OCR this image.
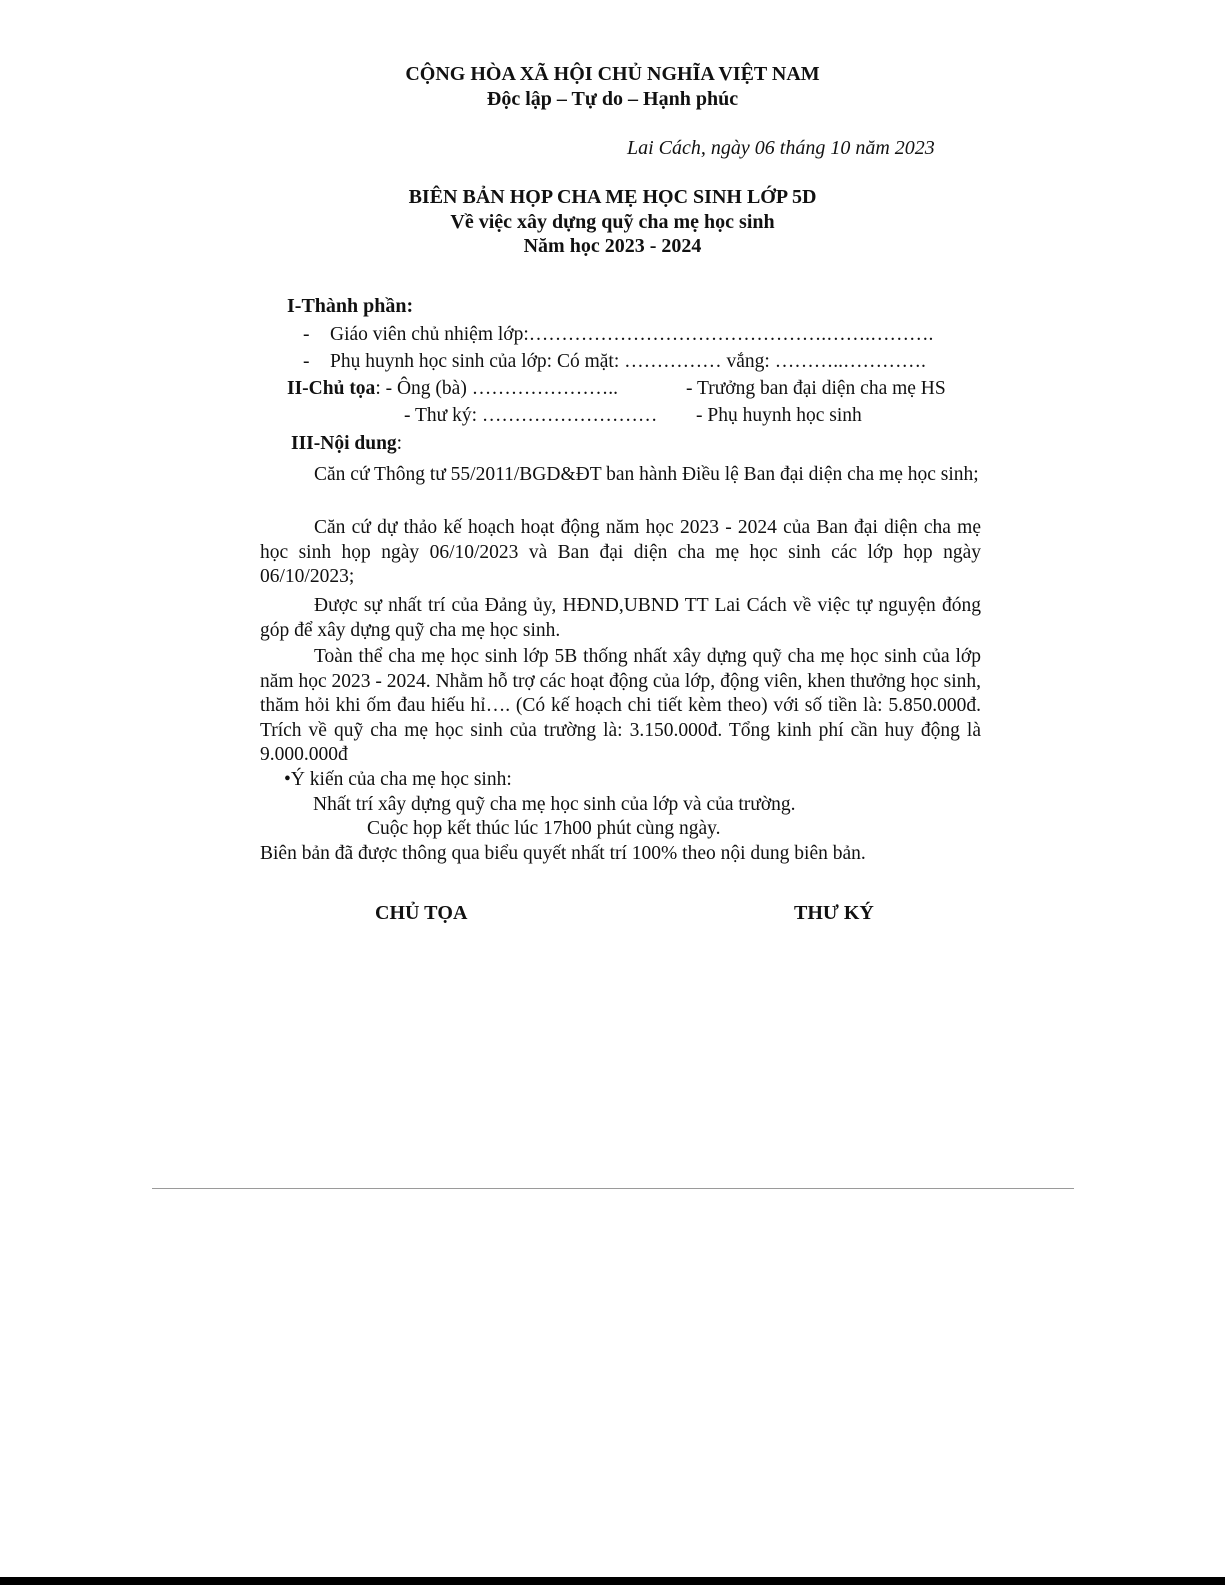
CỘNG HÒA XÃ HỘI CHỦ NGHĨA VIỆT NAM
Độc lập – Tự do – Hạnh phúc
Lai Cách, ngày 06 tháng 10 năm 2023
BIÊN BẢN HỌP CHA MẸ HỌC SINH LỚP 5D
Về việc xây dựng quỹ cha mẹ học sinh
Năm học 2023 - 2024
I-Thành phần:
- Giáo viên chủ nhiệm lớp:……………………………………….…….……….
- Phụ huynh học sinh của lớp: Có mặt: …………… vắng: ………..………….
II-Chủ tọa: - Ông (bà) …………………..	- Trưởng ban đại diện cha mẹ HS
- Thư ký: ……………………… - Phụ huynh học sinh
III-Nội dung:
Căn cứ Thông tư 55/2011/BGD&ĐT ban hành Điều lệ Ban đại diện cha mẹ học sinh;
Căn cứ dự thảo kế hoạch hoạt động năm học 2023 - 2024 của Ban đại diện cha mẹ học sinh họp ngày 06/10/2023 và Ban đại diện cha mẹ học sinh các lớp họp ngày 06/10/2023;
Được sự nhất trí của Đảng ủy, HĐND,UBND TT Lai Cách về việc tự nguyện đóng góp để xây dựng quỹ cha mẹ học sinh.
Toàn thể cha mẹ học sinh lớp 5B thống nhất xây dựng quỹ cha mẹ học sinh của lớp năm học 2023 - 2024. Nhằm hỗ trợ các hoạt động của lớp, động viên, khen thưởng học sinh, thăm hỏi khi ốm đau hiếu hỉ…. (Có kế hoạch chi tiết kèm theo) với số tiền là: 5.850.000đ. Trích về quỹ cha mẹ học sinh của trường là: 3.150.000đ. Tổng kinh phí cần huy động là 9.000.000đ
•Ý kiến của cha mẹ học sinh:
Nhất trí xây dựng quỹ cha mẹ học sinh của lớp và của trường.
Cuộc họp kết thúc lúc 17h00 phút cùng ngày.
Biên bản đã được thông qua biểu quyết nhất trí 100% theo nội dung biên bản.
CHỦ TỌA	THƯ KÝ
